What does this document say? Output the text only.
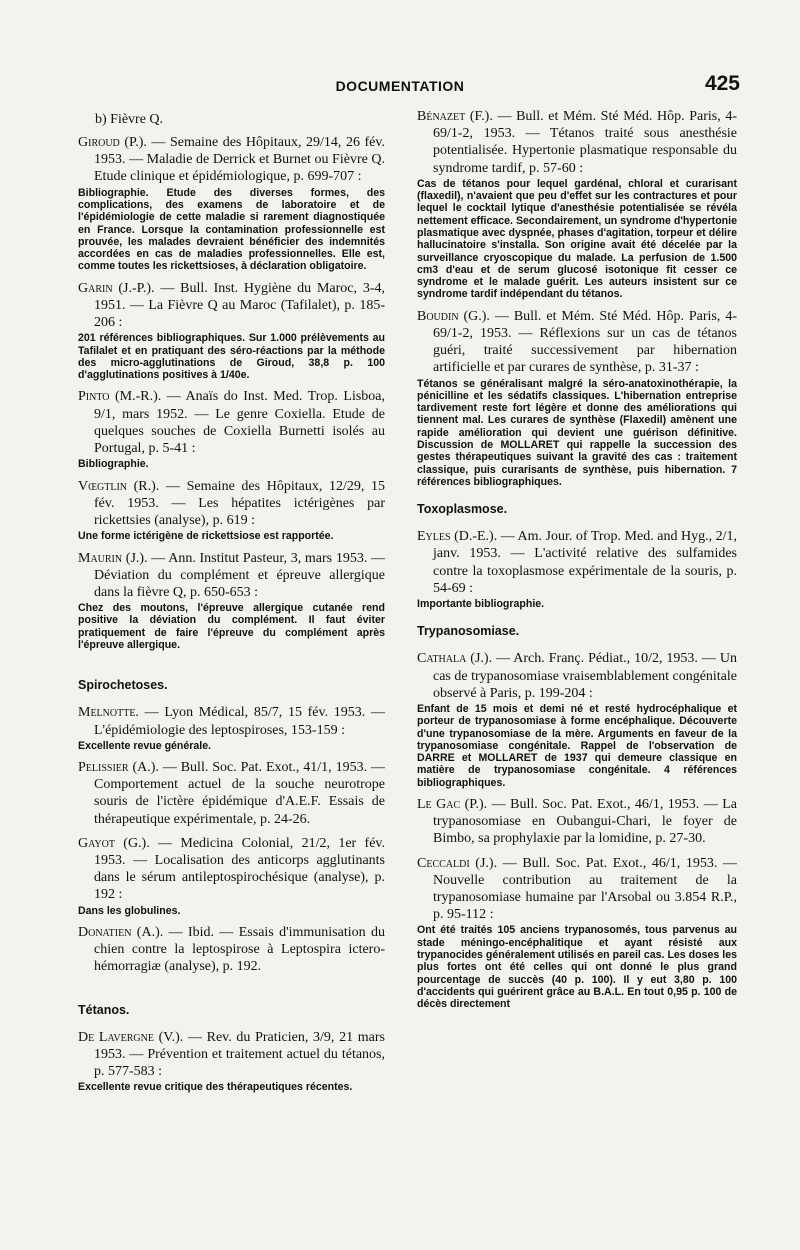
DOCUMENTATION	425
b) Fièvre Q.

Giroud (P.). — Semaine des Hôpitaux, 29/14, 26 fév. 1953. — Maladie de Derrick et Burnet ou Fièvre Q. Etude clinique et épidémiologique, p. 699-707 :

Bibliographie. Etude des diverses formes, des complications, des examens de laboratoire et de l'épidémiologie de cette maladie si rarement diagnostiquée en France. Lorsque la contamination professionnelle est prouvée, les malades devraient bénéficier des indemnités accordées en cas de maladies professionnelles. Elle est, comme toutes les rickettsioses, à déclaration obligatoire.

Garin (J.-P.). — Bull. Inst. Hygiène du Maroc, 3-4, 1951. — La Fièvre Q au Maroc (Tafilalet), p. 185-206 :

201 références bibliographiques. Sur 1.000 prélèvements au Tafilalet et en pratiquant des séro-réactions par la méthode des micro-agglutinations de Giroud, 38,8 p. 100 d'agglutinations positives à 1/40e.

Pinto (M.-R.). — Anaïs do Inst. Med. Trop. Lisboa, 9/1, mars 1952. — Le genre Coxiella. Etude de quelques souches de Coxiella Burnetti isolés au Portugal, p. 5-41 :

Bibliographie.

Vœgtlin (R.). — Semaine des Hôpitaux, 12/29, 15 fév. 1953. — Les hépatites ictérigènes par rickettsies (analyse), p. 619 :

Une forme ictérigène de rickettsiose est rapportée.

Maurin (J.). — Ann. Institut Pasteur, 3, mars 1953. — Déviation du complément et épreuve allergique dans la fièvre Q, p. 650-653 :

Chez des moutons, l'épreuve allergique cutanée rend positive la déviation du complément. Il faut éviter pratiquement de faire l'épreuve du complément après l'épreuve allergique.
Spirochetoses.

Melnotte. — Lyon Médical, 85/7, 15 fév. 1953. — L'épidémiologie des leptospiroses, 153-159 :

Excellente revue générale.

Pelissier (A.). — Bull. Soc. Pat. Exot., 41/1, 1953. — Comportement actuel de la souche neurotrope souris de l'ictère épidémique d'A.E.F. Essais de thérapeutique expérimentale, p. 24-26.

Gayot (G.). — Medicina Colonial, 21/2, 1er fév. 1953. — Localisation des anticorps agglutinants dans le sérum antileptospirochésique (analyse), p. 192 :

Dans les globulines.

Donatien (A.). — Ibid. — Essais d'immunisation du chien contre la leptospirose à Leptospira ictero-hémorragiæ (analyse), p. 192.

Tétanos.

De Lavergne (V.). — Rev. du Praticien, 3/9, 21 mars 1953. — Prévention et traitement actuel du tétanos, p. 577-583 :

Excellente revue critique des thérapeutiques récentes.

Bénazet (F.). — Bull. et Mém. Sté Méd. Hôp. Paris, 4-69/1-2, 1953. — Tétanos traité sous anesthésie potentialisée. Hypertonie plasmatique responsable du syndrome tardif, p. 57-60 :

Cas de tétanos pour lequel gardénal, chloral et curarisant (flaxedil), n'avaient que peu d'effet sur les contractures et pour lequel le cocktail lytique d'anesthésie potentialisée se révéla nettement efficace. Secondairement, un syndrome d'hypertonie plasmatique avec dyspnée, phases d'agitation, torpeur et délire hallucinatoire s'installa. Son origine avait été décelée par la surveillance cryoscopique du malade. La perfusion de 1.500 cm3 d'eau et de serum glucosé isotonique fit cesser ce syndrome et le malade guérit. Les auteurs insistent sur ce syndrome tardif indépendant du tétanos.

Boudin (G.). — Bull. et Mém. Sté Méd. Hôp. Paris, 4-69/1-2, 1953. — Réflexions sur un cas de tétanos guéri, traité successivement par hibernation artificielle et par curares de synthèse, p. 31-37 :

Tétanos se généralisant malgré la séro-anatoxinothérapie, la pénicilline et les sédatifs classiques. L'hibernation entreprise tardivement reste fort légère et donne des améliorations qui tiennent mal. Les curares de synthèse (Flaxedil) amènent une rapide amélioration qui devient une guérison définitive. Discussion de MOLLARET qui rappelle la succession des gestes thérapeutiques suivant la gravité des cas : traitement classique, puis curarisants de synthèse, puis hibernation. 7 références bibliographiques.
Toxoplasmose.

Eyles (D.-E.). — Am. Jour. of Trop. Med. and Hyg., 2/1, janv. 1953. — L'activité relative des sulfamides contre la toxoplasmose expérimentale de la souris, p. 54-69 :

Importante bibliographie.
Trypanosomiase.

Cathala (J.). — Arch. Franç. Pédiat., 10/2, 1953. — Un cas de trypanosomiase vraisemblablement congénitale observé à Paris, p. 199-204 :

Enfant de 15 mois et demi né et resté hydrocéphalique et porteur de trypanosomiase à forme encéphalique. Découverte d'une trypanosomiase de la mère. Arguments en faveur de la trypanosomiase congénitale. Rappel de l'observation de DARRE et MOLLARET de 1937 qui demeure classique en matière de trypanosomiase congénitale. 4 références bibliographiques.

Le Gac (P.). — Bull. Soc. Pat. Exot., 46/1, 1953. — La trypanosomiase en Oubangui-Chari, le foyer de Bimbo, sa prophylaxie par la lomidine, p. 27-30.

Ceccaldi (J.). — Bull. Soc. Pat. Exot., 46/1, 1953. — Nouvelle contribution au traitement de la trypanosomiase humaine par l'Arsobal ou 3.854 R.P., p. 95-112 :

Ont été traités 105 anciens trypanosomés, tous parvenus au stade méningo-encéphalitique et ayant résisté aux trypanocides généralement utilisés en pareil cas. Les doses les plus fortes ont été celles qui ont donné le plus grand pourcentage de succès (40 p. 100). Il y eut 3,80 p. 100 d'accidents qui guérirent grâce au B.A.L. En tout 0,95 p. 100 de décès directement
